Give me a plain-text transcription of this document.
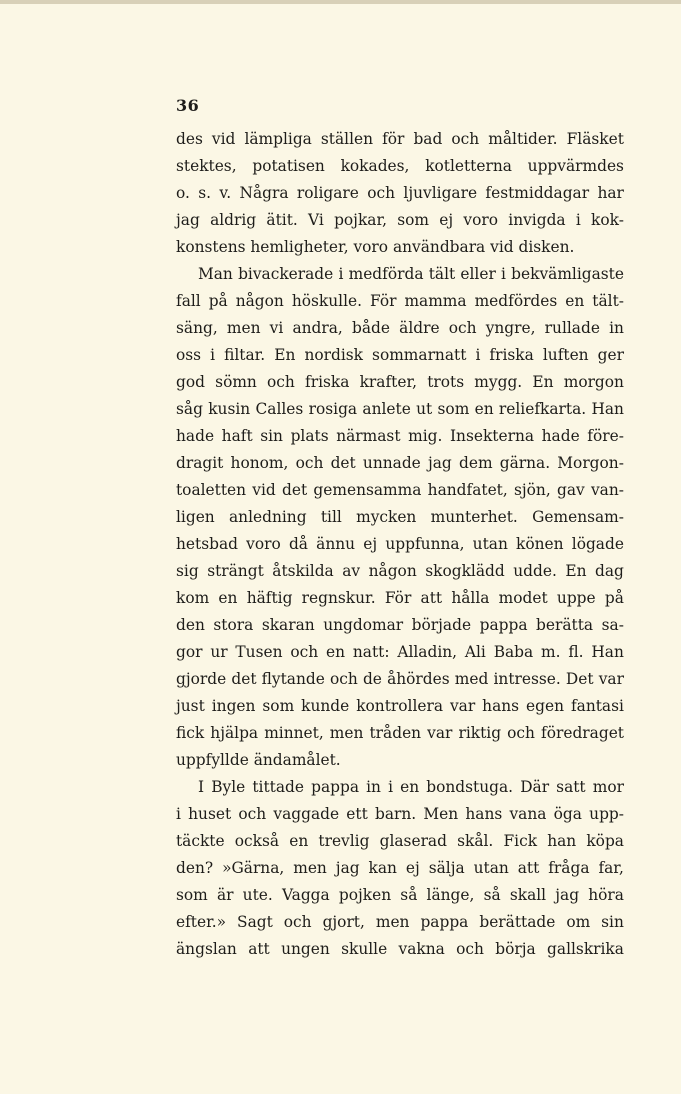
36
des vid lämpliga ställen för bad och måltider. Fläsket
stektes, potatisen kokades, kotletterna uppvärmdes
o. s. v. Några roligare och ljuvligare festmiddagar har
jag aldrig ätit. Vi pojkar, som ej voro invigda i kok-
konstens hemligheter, voro användbara vid disken.
Man bivackerade i medförda tält eller i bekvämligaste
fall på någon höskulle. För mamma medfördes en tält-
säng, men vi andra, både äldre och yngre, rullade in
oss i filtar. En nordisk sommarnatt i friska luften ger
god sömn och friska krafter, trots mygg. En morgon
såg kusin Calles rosiga anlete ut som en reliefkarta. Han
hade haft sin plats närmast mig. Insekterna hade före-
dragit honom, och det unnade jag dem gärna. Morgon-
toaletten vid det gemensamma handfatet, sjön, gav van-
ligen anledning till mycken munterhet. Gemensam-
hetsbad voro då ännu ej uppfunna, utan könen lögade
sig strängt åtskilda av någon skogklädd udde. En dag
kom en häftig regnskur. För att hålla modet uppe på
den stora skaran ungdomar började pappa berätta sa-
gor ur Tusen och en natt: Alladin, Ali Baba m. fl. Han
gjorde det flytande och de åhördes med intresse. Det var
just ingen som kunde kontrollera var hans egen fantasi
fick hjälpa minnet, men tråden var riktig och föredraget
uppfyllde ändamålet.
I Byle tittade pappa in i en bondstuga. Där satt mor
i huset och vaggade ett barn. Men hans vana öga upp-
täckte också en trevlig glaserad skål. Fick han köpa
den? »Gärna, men jag kan ej sälja utan att fråga far,
som är ute. Vagga pojken så länge, så skall jag höra
efter.» Sagt och gjort, men pappa berättade om sin
ängslan att ungen skulle vakna och börja gallskrika
